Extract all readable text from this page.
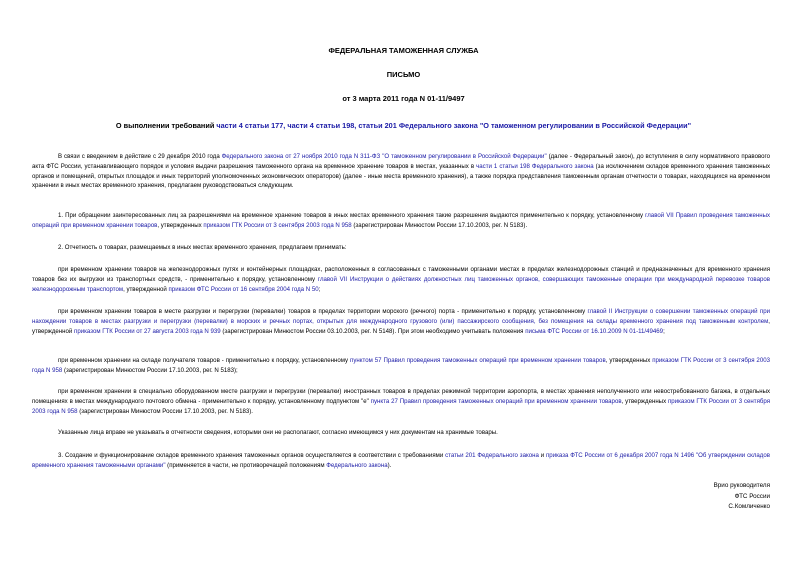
ФЕДЕРАЛЬНАЯ ТАМОЖЕННАЯ СЛУЖБА
ПИСЬМО
от 3 марта 2011 года N 01-11/9497
О выполнении требований части 4 статьи 177, части 4 статьи 198, статьи 201 Федерального закона "О таможенном регулировании в Российской Федерации"
В связи с введением в действие с 29 декабря 2010 года Федерального закона от 27 ноября 2010 года N 311-ФЗ "О таможенном регулировании в Российской Федерации" (далее - Федеральный закон), до вступления в силу нормативного правового акта ФТС России, устанавливающего порядок и условия выдачи разрешения таможенного органа на временное хранение товаров в местах, указанных в части 1 статьи 198 Федерального закона (за исключением складов временного хранения таможенных органов и помещений, открытых площадок и иных территорий уполномоченных экономических операторов) (далее - иные места временного хранения), а также порядка представления таможенным органам отчетности о товарах, находящихся на временном хранении в иных местах временного хранения, предлагаем руководствоваться следующим.
1. При обращении заинтересованных лиц за разрешениями на временное хранение товаров в иных местах временного хранения такие разрешения выдаются применительно к порядку, установленному главой VII Правил проведения таможенных операций при временном хранении товаров, утвержденных приказом ГТК России от 3 сентября 2003 года N 958 (зарегистрирован Минюстом России 17.10.2003, рег. N 5183).
2. Отчетность о товарах, размещаемых в иных местах временного хранения, предлагаем принимать:
при временном хранении товаров на железнодорожных путях и контейнерных площадках, расположенных в согласованных с таможенными органами местах в пределах железнодорожных станций и предназначенных для временного хранения товаров без их выгрузки из транспортных средств, - применительно к порядку, установленному главой VII Инструкции о действиях должностных лиц таможенных органов, совершающих таможенные операции при международной перевозке товаров железнодорожным транспортом, утвержденной приказом ФТС России от 16 сентября 2004 года N 50;
при временном хранении товаров в месте разгрузки и перегрузки (перевалки) товаров в пределах территории морского (речного) порта - применительно к порядку, установленному главой II Инструкции о совершении таможенных операций при нахождении товаров в местах разгрузки и перегрузки (перевалки) в морских и речных портах, открытых для международного грузового (или) пассажирского сообщения, без помещения на склады временного хранения под таможенным контролем, утвержденной приказом ГТК России от 27 августа 2003 года N 939 (зарегистрирован Минюстом России 03.10.2003, рег. N 5148). При этом необходимо учитывать положения письма ФТС России от 16.10.2009 N 01-11/49469;
при временном хранении на складе получателя товаров - применительно к порядку, установленному пунктом 57 Правил проведения таможенных операций при временном хранении товаров, утвержденных приказом ГТК России от 3 сентября 2003 года N 958 (зарегистрирован Минюстом России 17.10.2003, рег. N 5183);
при временном хранении в специально оборудованном месте разгрузки и перегрузки (перевалки) иностранных товаров в пределах режимной территории аэропорта, в местах хранения неполученного или невостребованного багажа, в отдельных помещениях в местах международного почтового обмена - применительно к порядку, установленному подпунктом "е" пункта 27 Правил проведения таможенных операций при временном хранении товаров, утвержденных приказом ГТК России от 3 сентября 2003 года N 958 (зарегистрирован Минюстом России 17.10.2003, рег. N 5183).
Указанные лица вправе не указывать в отчетности сведения, которыми они не располагают, согласно имеющимся у них документам на хранимые товары.
3. Создание и функционирование складов временного хранения таможенных органов осуществляется в соответствии с требованиями статьи 201 Федерального закона и приказа ФТС России от 6 декабря 2007 года N 1496 "Об утверждении складов временного хранения таможенными органами" (применяется в части, не противоречащей положениям Федерального закона).
Врио руководителя
ФТС России
С.Комличенко
